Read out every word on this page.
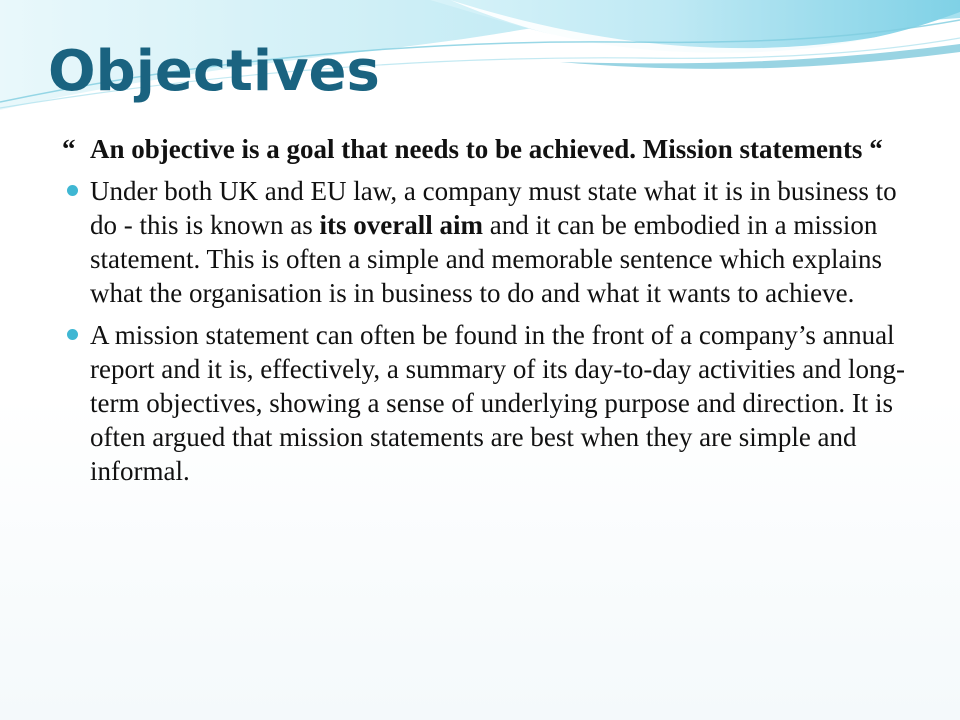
Objectives

“ An objective is a goal that needs to be achieved. Mission statements “

Under both UK and EU law, a company must state what it is in business to do - this is known as its overall aim and it can be embodied in a mission statement. This is often a simple and memorable sentence which explains what the organisation is in business to do and what it wants to achieve.
A mission statement can often be found in the front of a company’s annual report and it is, effectively, a summary of its day-to-day activities and long-term objectives, showing a sense of underlying purpose and direction. It is often argued that mission statements are best when they are simple and informal.
